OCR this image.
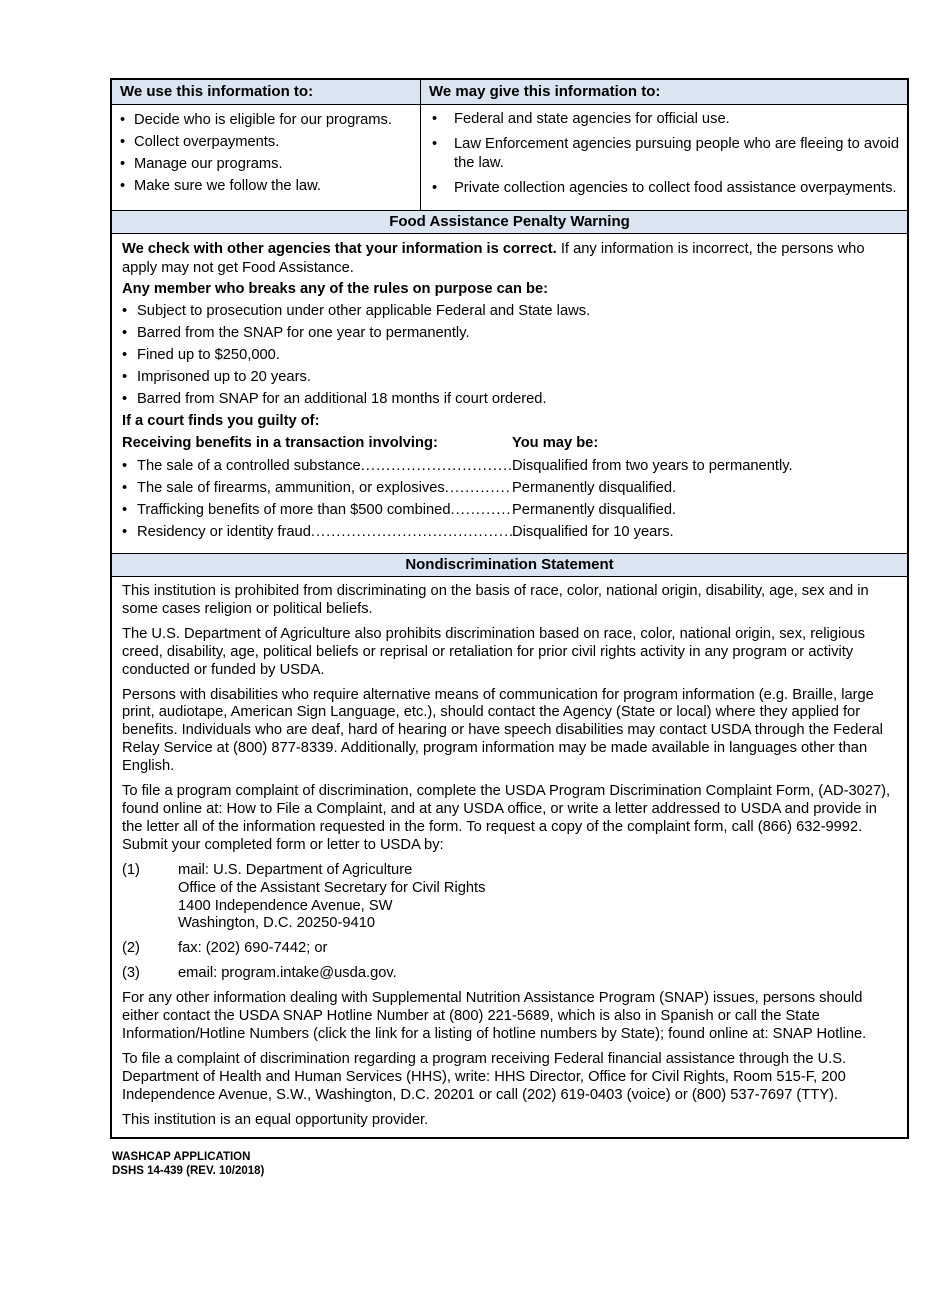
We use this information to:	We may give this information to:
• Decide who is eligible for our programs.
• Collect overpayments.
• Manage our programs.
• Make sure we follow the law.
•	Federal and state agencies for official use.
•	Law Enforcement agencies pursuing people who are fleeing to avoid the law.
•	Private collection agencies to collect food assistance overpayments.
Food Assistance Penalty Warning

We check with other agencies that your information is correct. If any information is incorrect, the persons who apply may not get Food Assistance.

Any member who breaks any of the rules on purpose can be:

• Subject to prosecution under other applicable Federal and State laws.
• Barred from the SNAP for one year to permanently.
• Fined up to $250,000.
• Imprisoned up to 20 years.
• Barred from SNAP for an additional 18 months if court ordered.

If a court finds you guilty of:

Receiving benefits in a transaction involving:	You may be:
• The sale of a controlled substance .....	Disqualified from two years to permanently.
• The sale of firearms, ammunition, or explosives .....	Permanently disqualified.
• Trafficking benefits of more than $500 combined .....	Permanently disqualified.
• Residency or identity fraud .....	Disqualified for 10 years.
Nondiscrimination Statement

This institution is prohibited from discriminating on the basis of race, color, national origin, disability, age, sex and in some cases religion or political beliefs.

The U.S. Department of Agriculture also prohibits discrimination based on race, color, national origin, sex, religious creed, disability, age, political beliefs or reprisal or retaliation for prior civil rights activity in any program or activity conducted or funded by USDA.

Persons with disabilities who require alternative means of communication for program information (e.g. Braille, large print, audiotape, American Sign Language, etc.), should contact the Agency (State or local) where they applied for benefits. Individuals who are deaf, hard of hearing or have speech disabilities may contact USDA through the Federal Relay Service at (800) 877-8339. Additionally, program information may be made available in languages other than English.

To file a program complaint of discrimination, complete the USDA Program Discrimination Complaint Form, (AD-3027), found online at: How to File a Complaint, and at any USDA office, or write a letter addressed to USDA and provide in the letter all of the information requested in the form. To request a copy of the complaint form, call (866) 632-9992. Submit your completed form or letter to USDA by:

(1)	mail: U.S. Department of Agriculture
Office of the Assistant Secretary for Civil Rights
1400 Independence Avenue, SW
Washington, D.C. 20250-9410
(2)	fax: (202) 690-7442; or
(3)	email: program.intake@usda.gov.

For any other information dealing with Supplemental Nutrition Assistance Program (SNAP) issues, persons should either contact the USDA SNAP Hotline Number at (800) 221-5689, which is also in Spanish or call the State Information/Hotline Numbers (click the link for a listing of hotline numbers by State); found online at: SNAP Hotline.

To file a complaint of discrimination regarding a program receiving Federal financial assistance through the U.S. Department of Health and Human Services (HHS), write: HHS Director, Office for Civil Rights, Room 515-F, 200 Independence Avenue, S.W., Washington, D.C. 20201 or call (202) 619-0403 (voice) or (800) 537-7697 (TTY).

This institution is an equal opportunity provider.

WASHCAP APPLICATION
DSHS 14-439 (REV. 10/2018)
